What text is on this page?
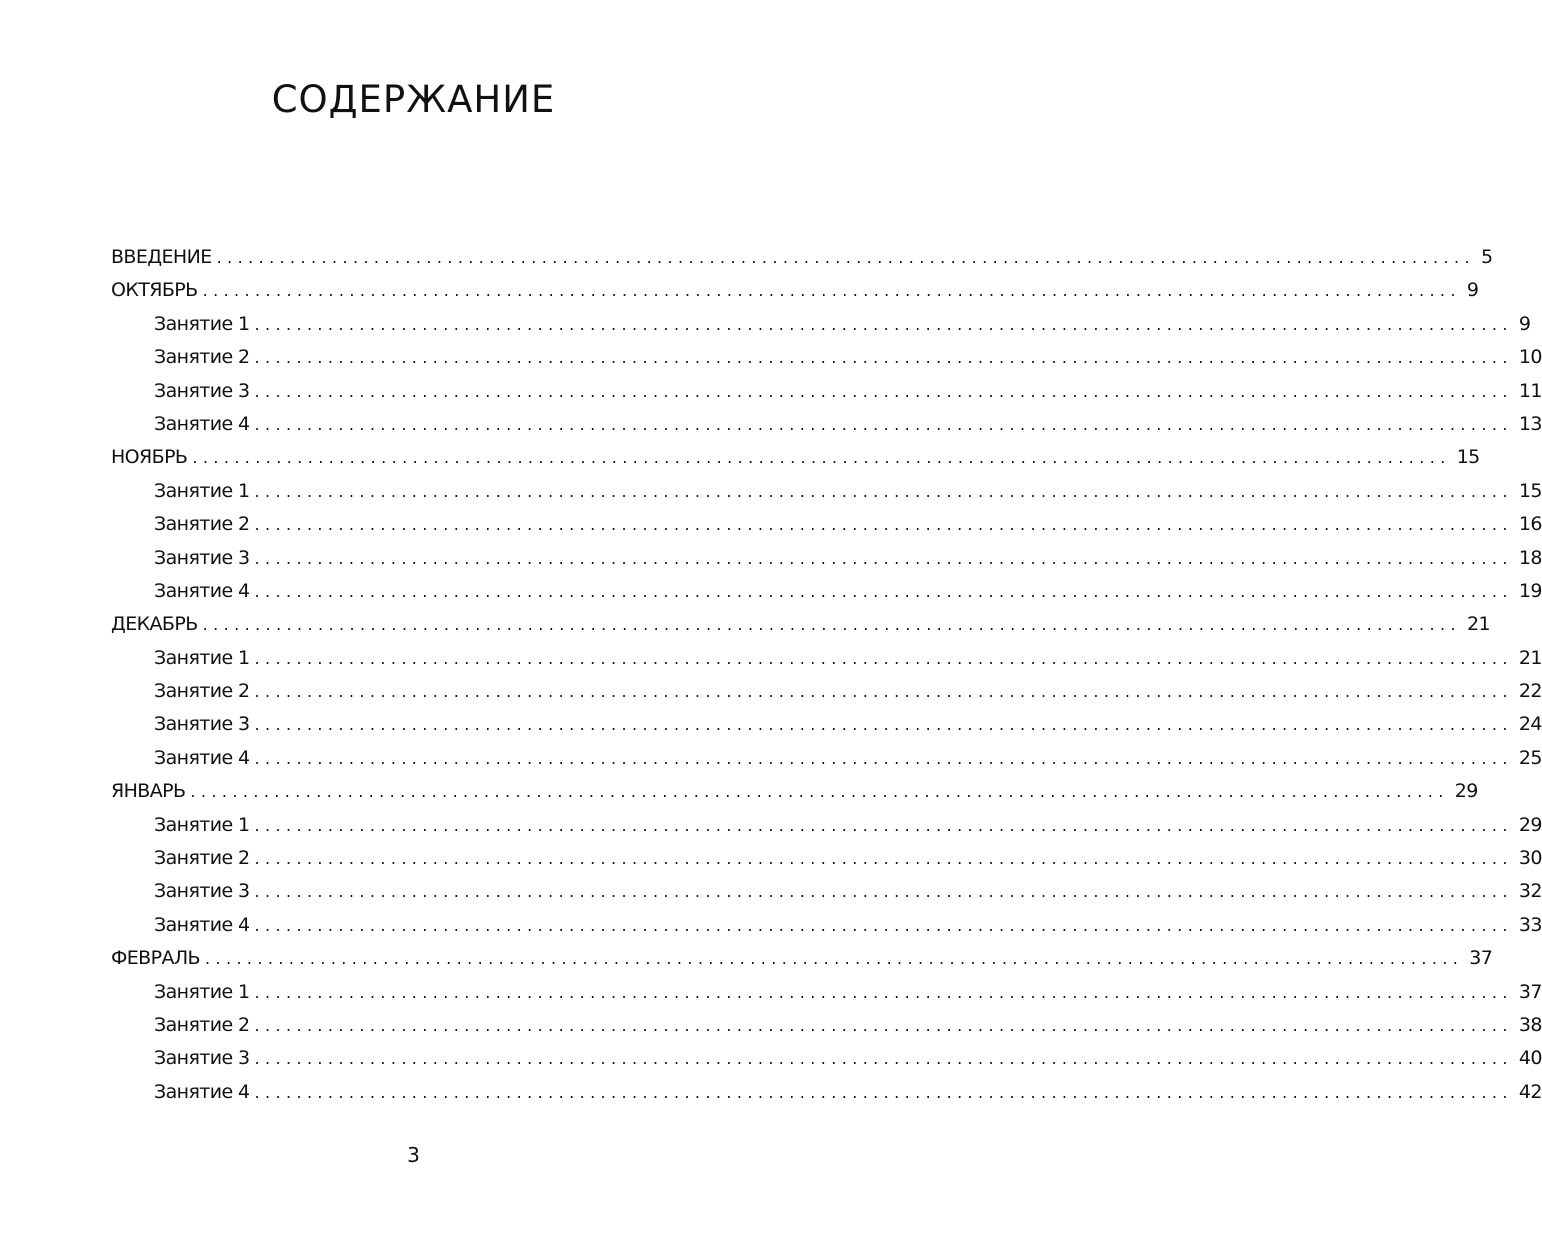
СОДЕРЖАНИЕ
ВВЕДЕНИЕ ........................................................................................................................ 5
ОКТЯБРЬ ........................................................................................................................ 9
Занятие 1 ........................................................................................................................ 9
Занятие 2 ........................................................................................................................ 10
Занятие 3 ........................................................................................................................ 11
Занятие 4 ........................................................................................................................ 13
НОЯБРЬ ........................................................................................................................ 15
Занятие 1 ........................................................................................................................ 15
Занятие 2 ........................................................................................................................ 16
Занятие 3 ........................................................................................................................ 18
Занятие 4 ........................................................................................................................ 19
ДЕКАБРЬ ........................................................................................................................ 21
Занятие 1 ........................................................................................................................ 21
Занятие 2 ........................................................................................................................ 22
Занятие 3 ........................................................................................................................ 24
Занятие 4 ........................................................................................................................ 25
ЯНВАРЬ ........................................................................................................................ 29
Занятие 1 ........................................................................................................................ 29
Занятие 2 ........................................................................................................................ 30
Занятие 3 ........................................................................................................................ 32
Занятие 4 ........................................................................................................................ 33
ФЕВРАЛЬ ........................................................................................................................ 37
Занятие 1 ........................................................................................................................ 37
Занятие 2 ........................................................................................................................ 38
Занятие 3 ........................................................................................................................ 40
Занятие 4 ........................................................................................................................ 42
3
